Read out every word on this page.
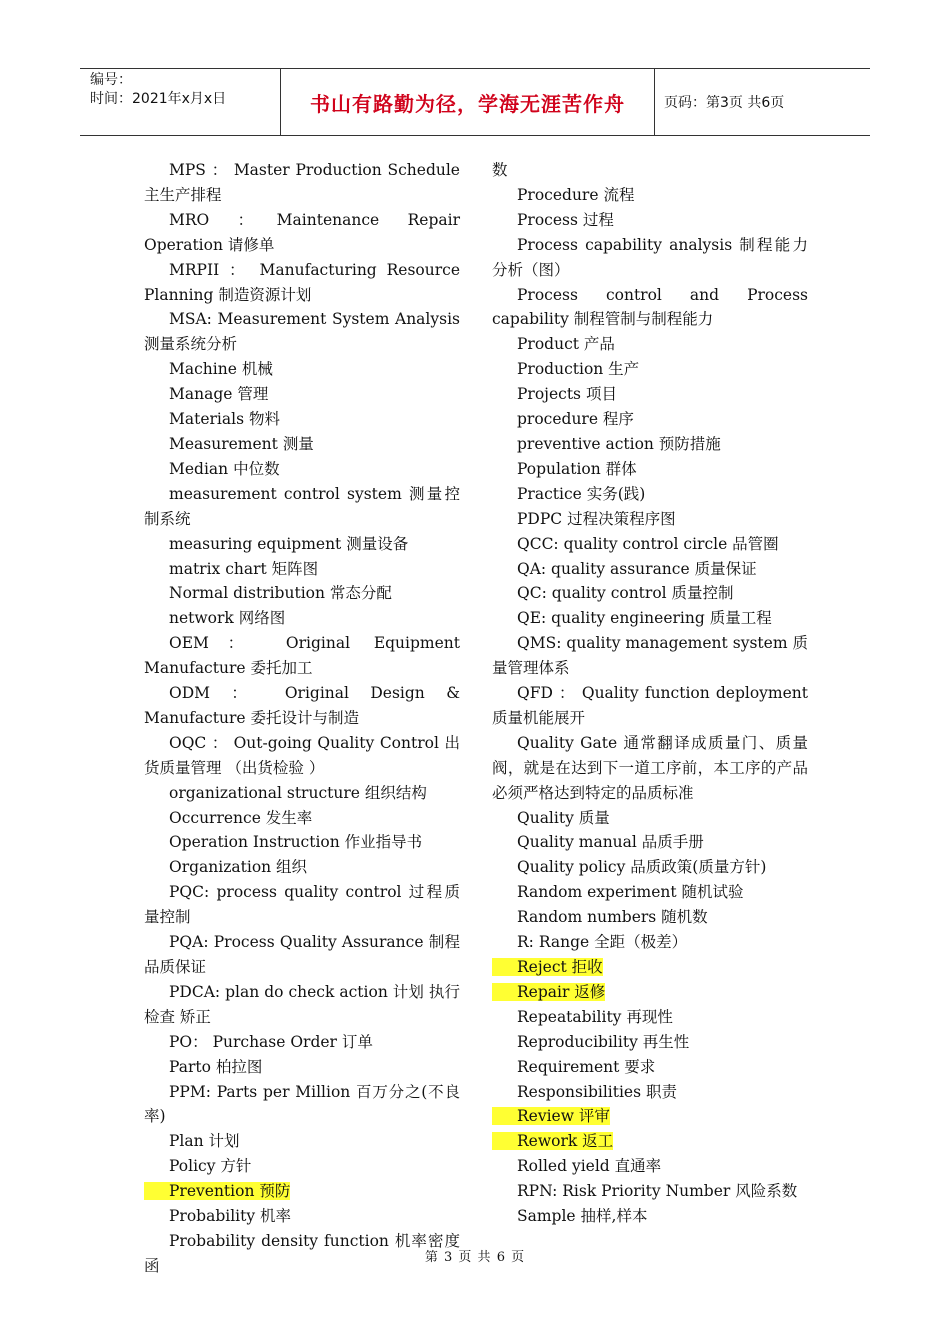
编号：
时间：2021年x月x日	书山有路勤为径，学海无涯苦作舟	页码：第3页 共6页
MPS ： Master Production Schedule 主生产排程
MRO ：Maintenance Repair Operation 请修单
MRPII ： Manufacturing Resource Planning 制造资源计划
MSA: Measurement System Analysis 测量系统分析
Machine 机械
Manage 管理
Materials 物料
Measurement 测量
Median 中位数
measurement control system 测量控制系统
measuring equipment 测量设备
matrix chart 矩阵图
Normal distribution 常态分配
network 网络图
OEM： Original Equipment Manufacture 委托加工
ODM ： Original Design & Manufacture 委托设计与制造
OQC ： Out-going Quality Control 出货质量管理 （出货检验 ）
organizational structure 组织结构
Occurrence 发生率
Operation Instruction 作业指导书
Organization 组织
PQC: process quality control 过程质量控制
PQA: Process Quality Assurance 制程品质保证
PDCA: plan do check action 计划 执行 检查 矫正
PO： Purchase Order 订单
Parto 柏拉图
PPM: Parts per Million 百万分之(不良率)
Plan 计划
Policy 方针
Prevention 预防
Probability 机率
Probability density function 机率密度函
数
Procedure 流程
Process 过程
Process capability analysis 制程能力分析（图）
Process control and Process capability 制程管制与制程能力
Product 产品
Production 生产
Projects 项目
procedure 程序
preventive action 预防措施
Population 群体
Practice 实务(践)
PDPC 过程决策程序图
QCC: quality control circle 品管圈
QA: quality assurance 质量保证
QC: quality control 质量控制
QE: quality engineering 质量工程
QMS: quality management system 质量管理体系
QFD ： Quality function deployment 质量机能展开
Quality Gate 通常翻译成质量门、质量阀，就是在达到下一道工序前，本工序的产品必须严格达到特定的品质标准
Quality 质量
Quality manual 品质手册
Quality policy 品质政策(质量方针)
Random experiment 随机试验
Random numbers 随机数
R: Range 全距（极差）
Reject 拒收
Repair 返修
Repeatability 再现性
Reproducibility 再生性
Requirement 要求
Responsibilities 职责
Review 评审
Rework 返工
Rolled yield 直通率
RPN: Risk Priority Number 风险系数
Sample 抽样,样本
第 3 页 共 6 页
